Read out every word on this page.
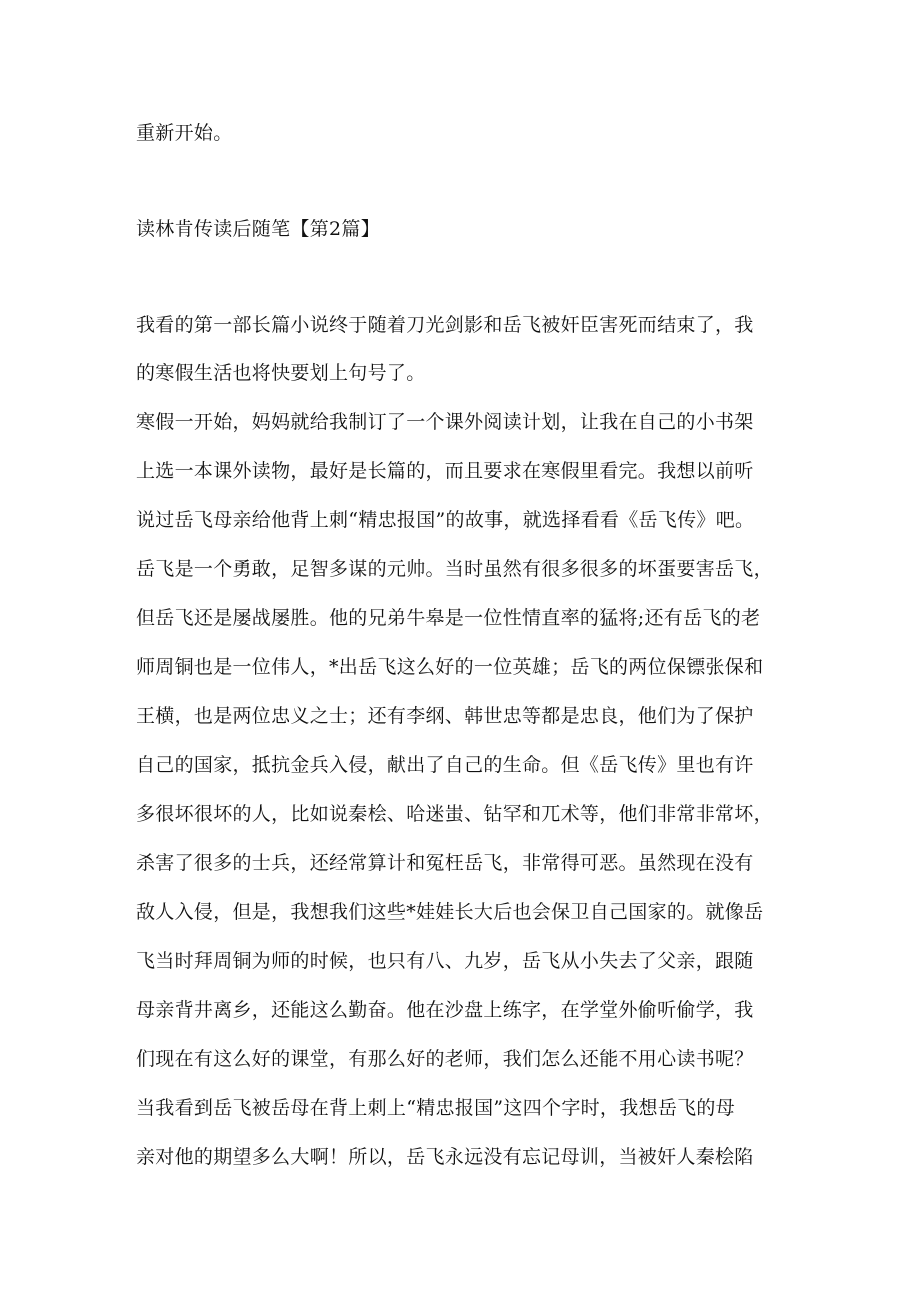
重新开始。

读林肯传读后随笔【第2篇】

我看的第一部长篇小说终于随着刀光剑影和岳飞被奸臣害死而结束了，我

的寒假生活也将快要划上句号了。

寒假一开始，妈妈就给我制订了一个课外阅读计划，让我在自己的小书架

上选一本课外读物，最好是长篇的，而且要求在寒假里看完。我想以前听

说过岳飞母亲给他背上刺“精忠报国”的故事，就选择看看《岳飞传》吧。

岳飞是一个勇敢，足智多谋的元帅。当时虽然有很多很多的坏蛋要害岳飞，

但岳飞还是屡战屡胜。他的兄弟牛皋是一位性情直率的猛将;还有岳飞的老

师周铜也是一位伟人，*出岳飞这么好的一位英雄；岳飞的两位保镖张保和

王横，也是两位忠义之士；还有李纲、韩世忠等都是忠良，他们为了保护

自己的国家，抵抗金兵入侵，献出了自己的生命。但《岳飞传》里也有许

多很坏很坏的人，比如说秦桧、哈迷蚩、钻罕和兀术等，他们非常非常坏，

杀害了很多的士兵，还经常算计和冤枉岳飞，非常得可恶。虽然现在没有

敌人入侵，但是，我想我们这些*娃娃长大后也会保卫自己国家的。就像岳

飞当时拜周铜为师的时候，也只有八、九岁，岳飞从小失去了父亲，跟随

母亲背井离乡，还能这么勤奋。他在沙盘上练字，在学堂外偷听偷学，我

们现在有这么好的课堂，有那么好的老师，我们怎么还能不用心读书呢？

当我看到岳飞被岳母在背上刺上“精忠报国”这四个字时，我想岳飞的母

亲对他的期望多么大啊！所以，岳飞永远没有忘记母训，当被奸人秦桧陷
